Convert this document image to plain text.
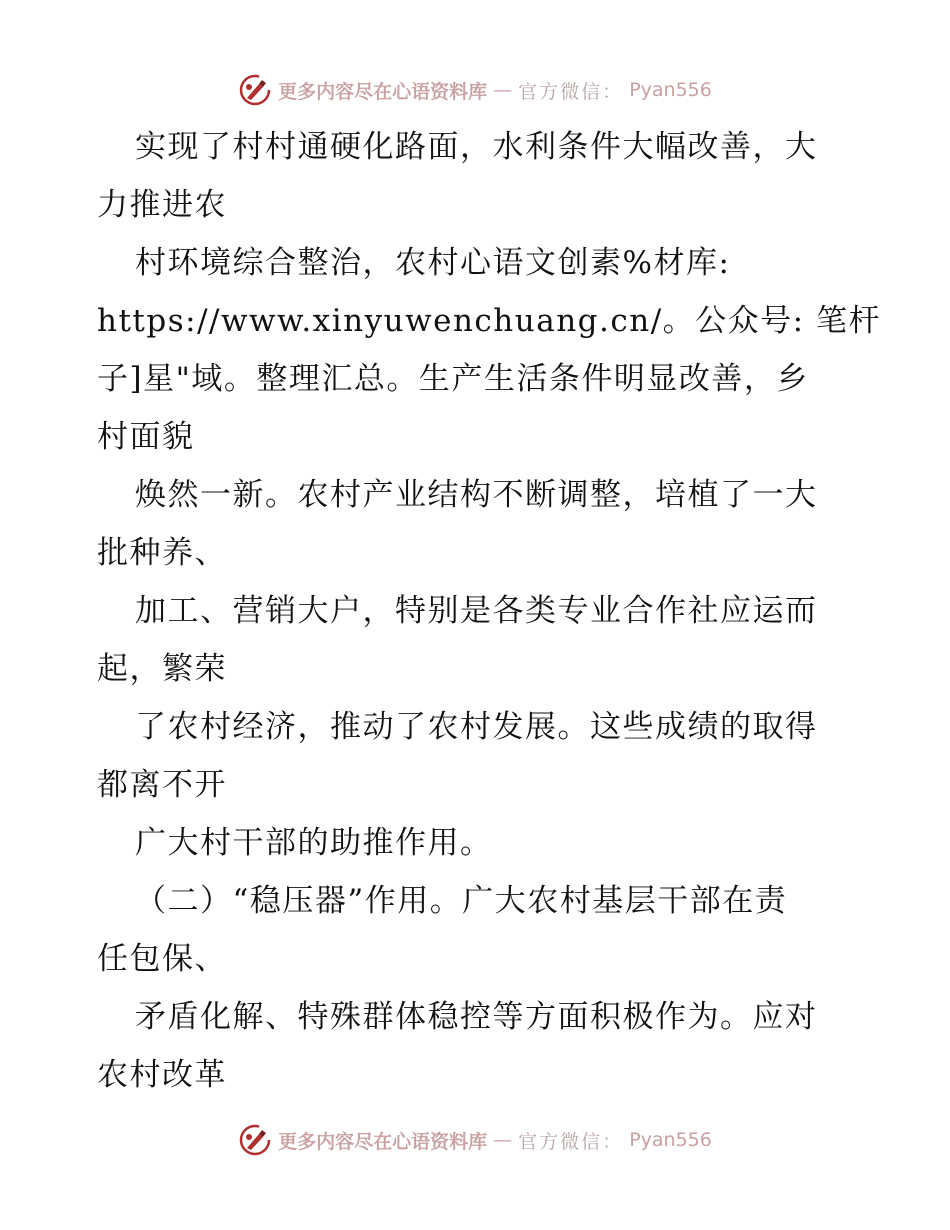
更多内容尽在心语资料库 — 官方微信： Pyan556
实现了村村通硬化路面，水利条件大幅改善，大
力推进农
村环境综合整治，农村心语文创素%材库:
https://www.xinyuwenchuang.cn/。公众号: 笔杆
子]星"域。整理汇总。生产生活条件明显改善，乡
村面貌
焕然一新。农村产业结构不断调整，培植了一大
批种养、
加工、营销大户，特别是各类专业合作社应运而
起，繁荣
了农村经济，推动了农村发展。这些成绩的取得
都离不开
广大村干部的助推作用。
（二）“稳压器”作用。广大农村基层干部在责
任包保、
矛盾化解、特殊群体稳控等方面积极作为。应对
农村改革
更多内容尽在心语资料库 — 官方微信： Pyan556
